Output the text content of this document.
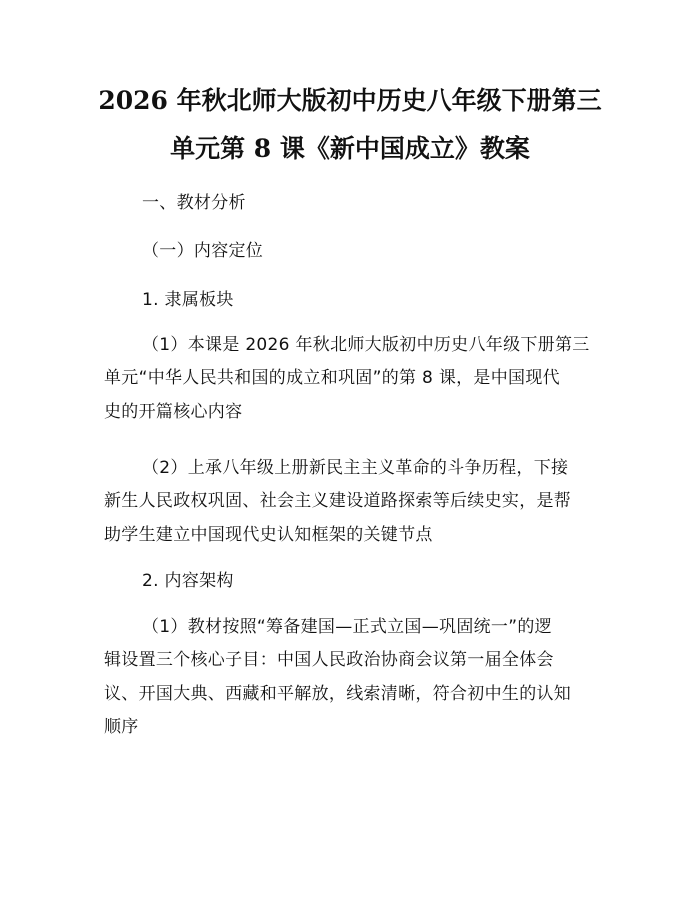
2026 年秋北师大版初中历史八年级下册第三
单元第 8 课《新中国成立》教案
一、教材分析
（一）内容定位
1. 隶属板块
（1）本课是 2026 年秋北师大版初中历史八年级下册第三
单元“中华人民共和国的成立和巩固”的第 8 课，是中国现代
史的开篇核心内容
（2）上承八年级上册新民主主义革命的斗争历程，下接
新生人民政权巩固、社会主义建设道路探索等后续史实，是帮
助学生建立中国现代史认知框架的关键节点
2. 内容架构
（1）教材按照“筹备建国—正式立国—巩固统一”的逻
辑设置三个核心子目：中国人民政治协商会议第一届全体会
议、开国大典、西藏和平解放，线索清晰，符合初中生的认知
顺序
